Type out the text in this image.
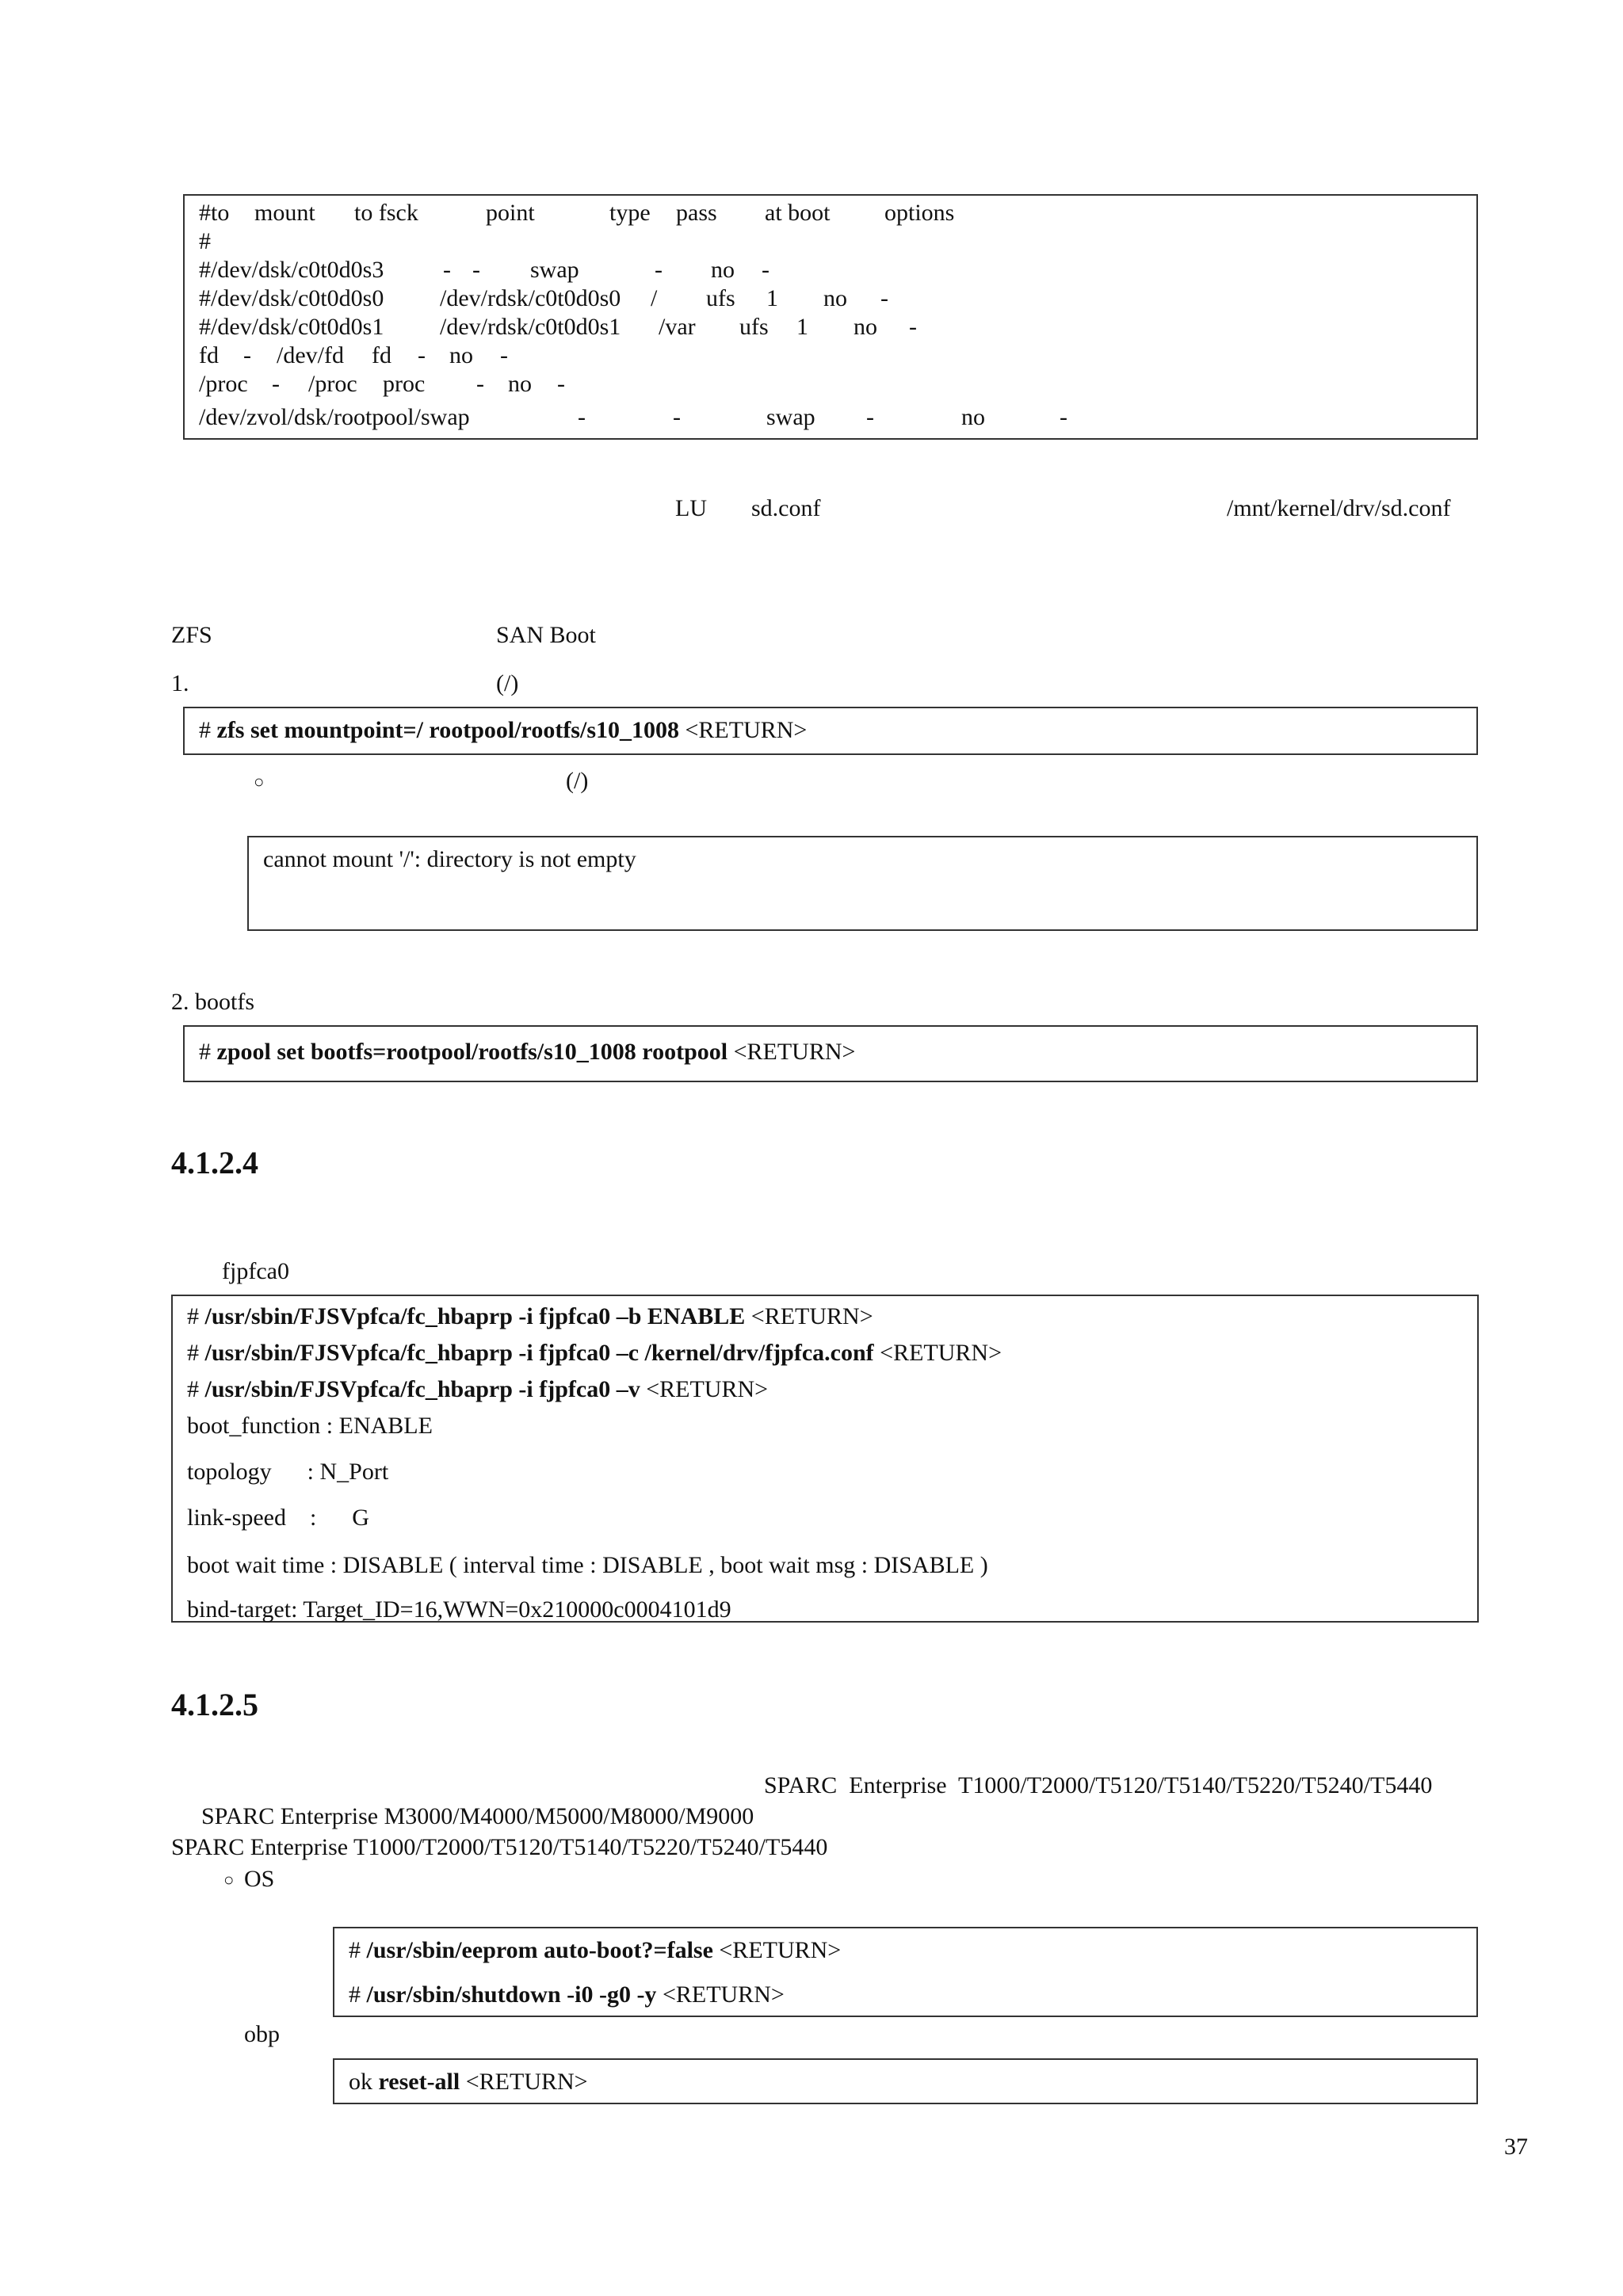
#to mount to fsck	point	type pass at boot options
#
#/dev/dsk/c0t0d0s3 - - swap	- no -
#/dev/dsk/c0t0d0s0 /dev/rdsk/c0t0d0s0 / ufs 1 no -
#/dev/dsk/c0t0d0s1 /dev/rdsk/c0t0d0s1 /var ufs 1 no -
fd - /dev/fd fd - no -
/proc - /proc proc - no -
/dev/zvol/dsk/rootpool/swap	-	-	swap -	no	-
LU sd.conf	/mnt/kernel/drv/sd.conf
ZFS	SAN Boot
1.	(/)
# zfs set mountpoint=/ rootpool/rootfs/s10_1008 <RETURN>
○	(/)
cannot mount '/': directory is not empty
2. bootfs
# zpool set bootfs=rootpool/rootfs/s10_1008 rootpool <RETURN>
4.1.2.4
fjpfca0
# /usr/sbin/FJSVpfca/fc_hbaprp -i fjpfca0 –b ENABLE <RETURN>
# /usr/sbin/FJSVpfca/fc_hbaprp -i fjpfca0 –c /kernel/drv/fjpfca.conf <RETURN>
# /usr/sbin/FJSVpfca/fc_hbaprp -i fjpfca0 –v <RETURN>
boot_function : ENABLE
topology      : N_Port
link-speed    :      G
boot wait time : DISABLE ( interval time : DISABLE , boot wait msg : DISABLE )
bind-target: Target_ID=16,WWN=0x210000c0004101d9
4.1.2.5
SPARC  Enterprise  T1000/T2000/T5120/T5140/T5220/T5240/T5440
SPARC Enterprise M3000/M4000/M5000/M8000/M9000
SPARC Enterprise T1000/T2000/T5120/T5140/T5220/T5240/T5440
○ OS
# /usr/sbin/eeprom auto-boot?=false <RETURN>
# /usr/sbin/shutdown -i0 -g0 -y <RETURN>
obp
ok reset-all <RETURN>
37
